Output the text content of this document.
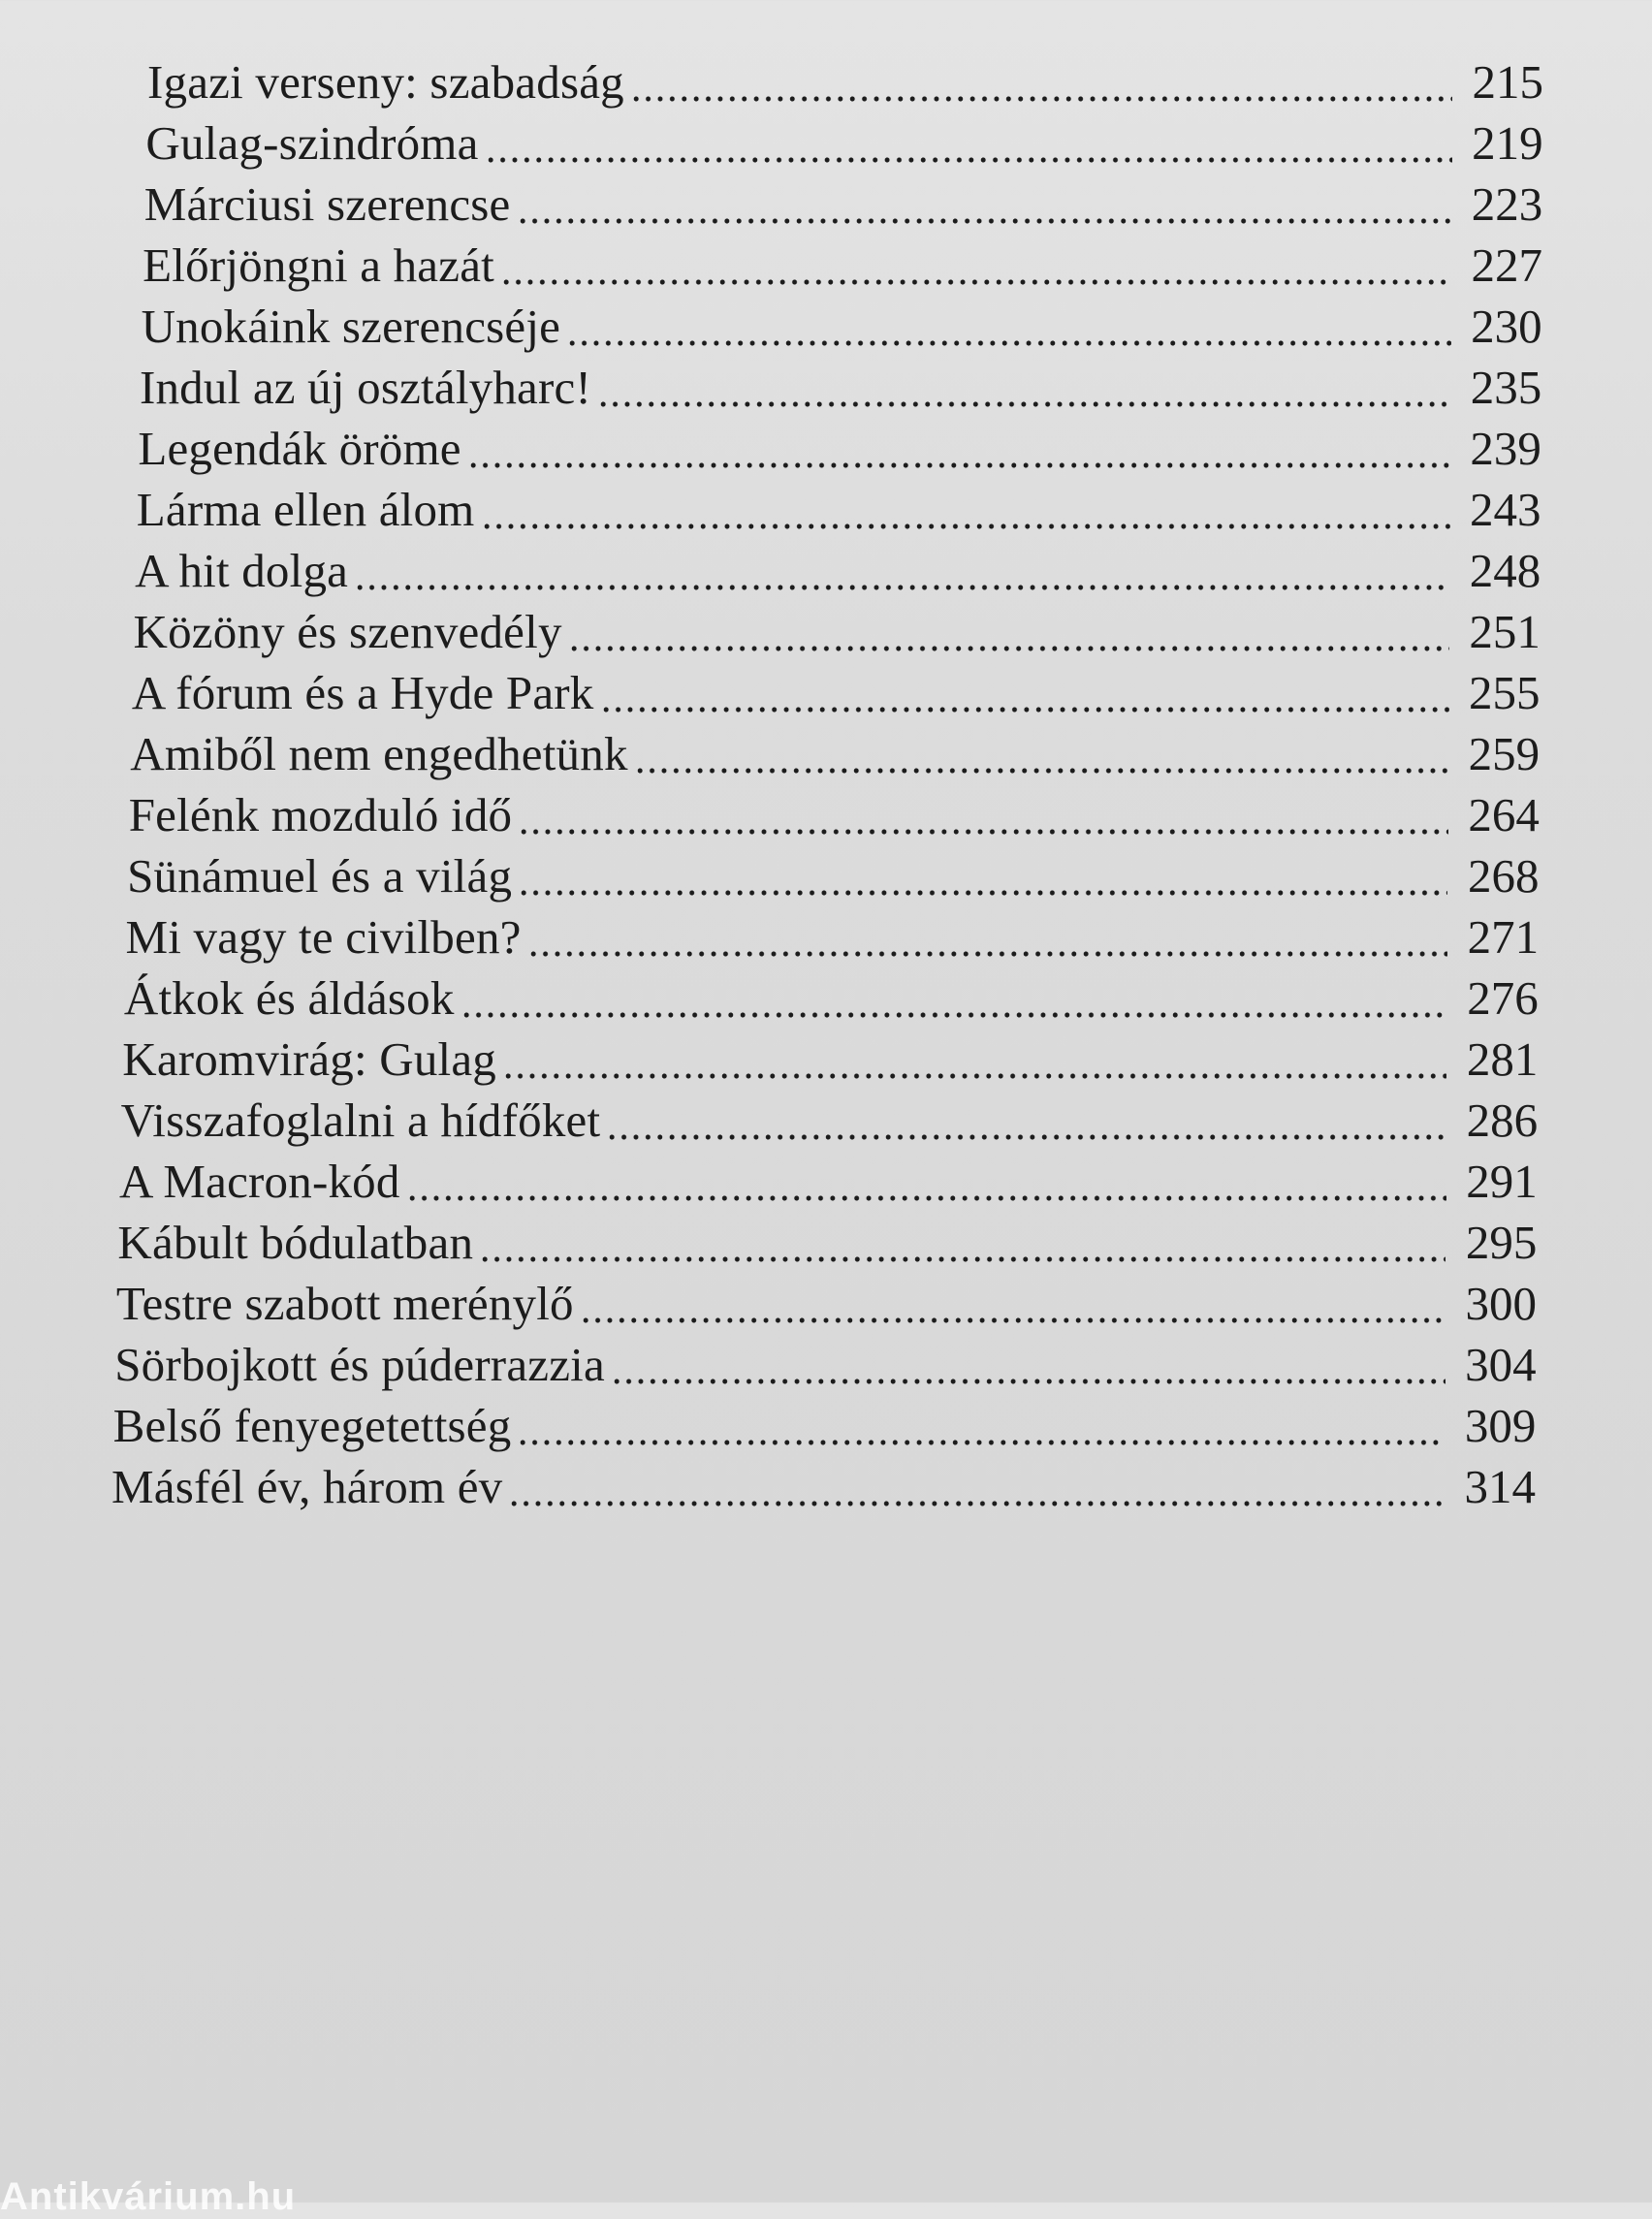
Igazi verseny: szabadság	215
Gulag-szindróma	219
Márciusi szerencse	223
Előrjöngni a hazát	227
Unokáink szerencséje	230
Indul az új osztályharc!	235
Legendák öröme	239
Lárma ellen álom	243
A hit dolga	248
Közöny és szenvedély	251
A fórum és a Hyde Park	255
Amiből nem engedhetünk	259
Felénk mozduló idő	264
Sünámuel és a világ	268
Mi vagy te civilben?	271
Átkok és áldások	276
Karomvirág: Gulag	281
Visszafoglalni a hídfőket	286
A Macron-kód	291
Kábult bódulatban	295
Testre szabott merénylő	300
Sörbojkott és púderrazzia	304
Belső fenyegetettség	309
Másfél év, három év	314
Antikvárium.hu
